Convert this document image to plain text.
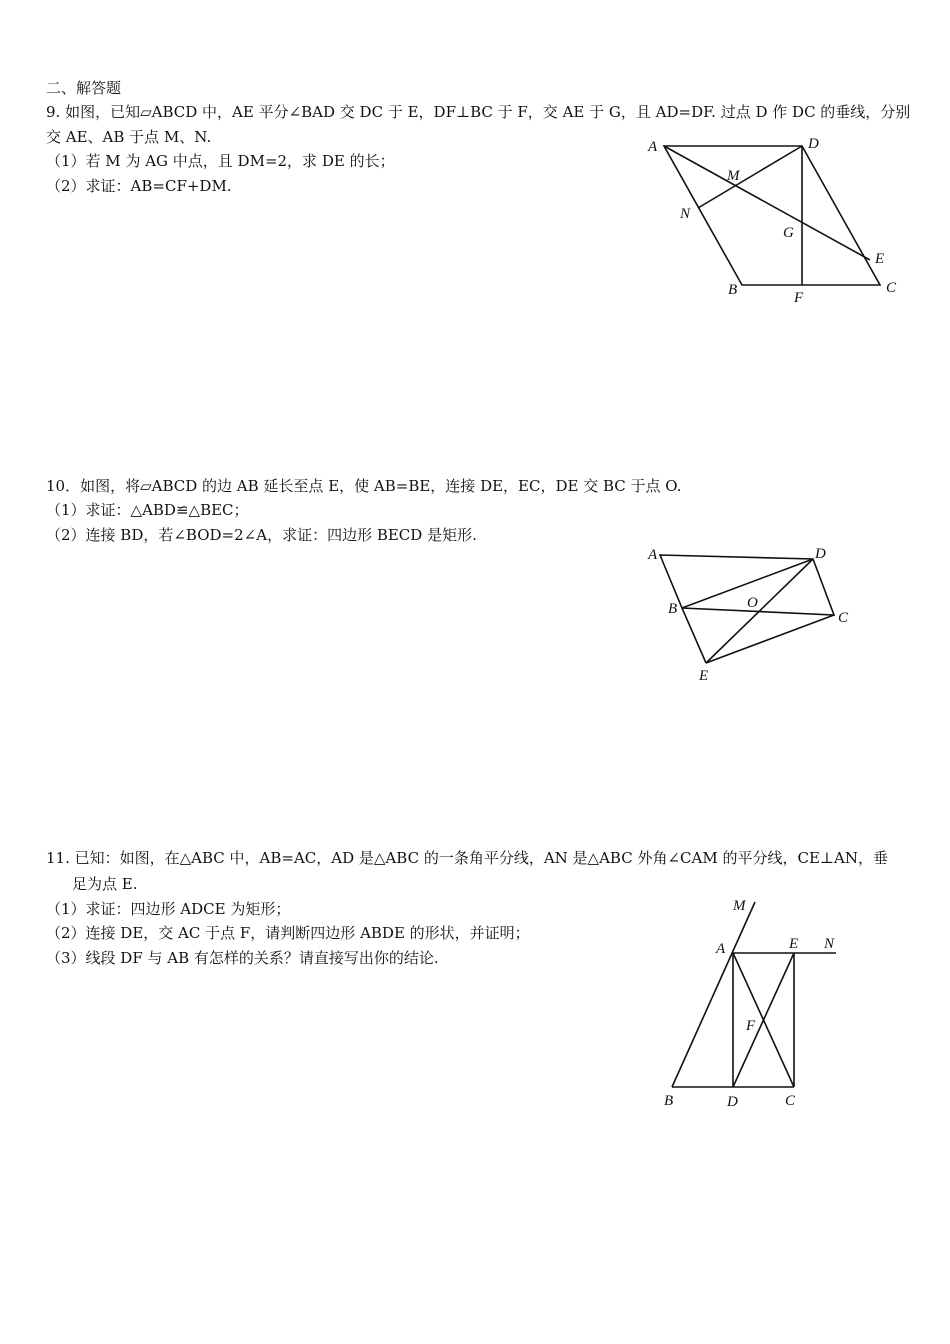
二、解答题
9. 如图，已知▱ABCD 中，AE 平分∠BAD 交 DC 于 E，DF⊥BC 于 F，交 AE 于 G，且 AD=DF. 过点 D 作 DC 的垂线，分别
交 AE、AB 于点 M、N.
（1）若 M 为 AG 中点，且 DM=2，求 DE 的长；
（2）求证：AB=CF+DM.
A	D
M
N
G
E
B	F
C
10．如图，将▱ABCD 的边 AB 延长至点 E，使 AB=BE，连接 DE，EC，DE 交 BC 于点 O.
（1）求证：△ABD≌△BEC；
（2）连接 BD，若∠BOD=2∠A，求证：四边形 BECD 是矩形.
A	D
B	O
C
E
11. 已知：如图，在△ABC 中，AB=AC，AD 是△ABC 的一条角平分线，AN 是△ABC 外角∠CAM 的平分线，CE⊥AN，垂
足为点 E.
（1）求证：四边形 ADCE 为矩形；
（2）连接 DE，交 AC 于点 F，请判断四边形 ABDE 的形状，并证明；
（3）线段 DF 与 AB 有怎样的关系？请直接写出你的结论.
M
A	E N
F
B	D	C
